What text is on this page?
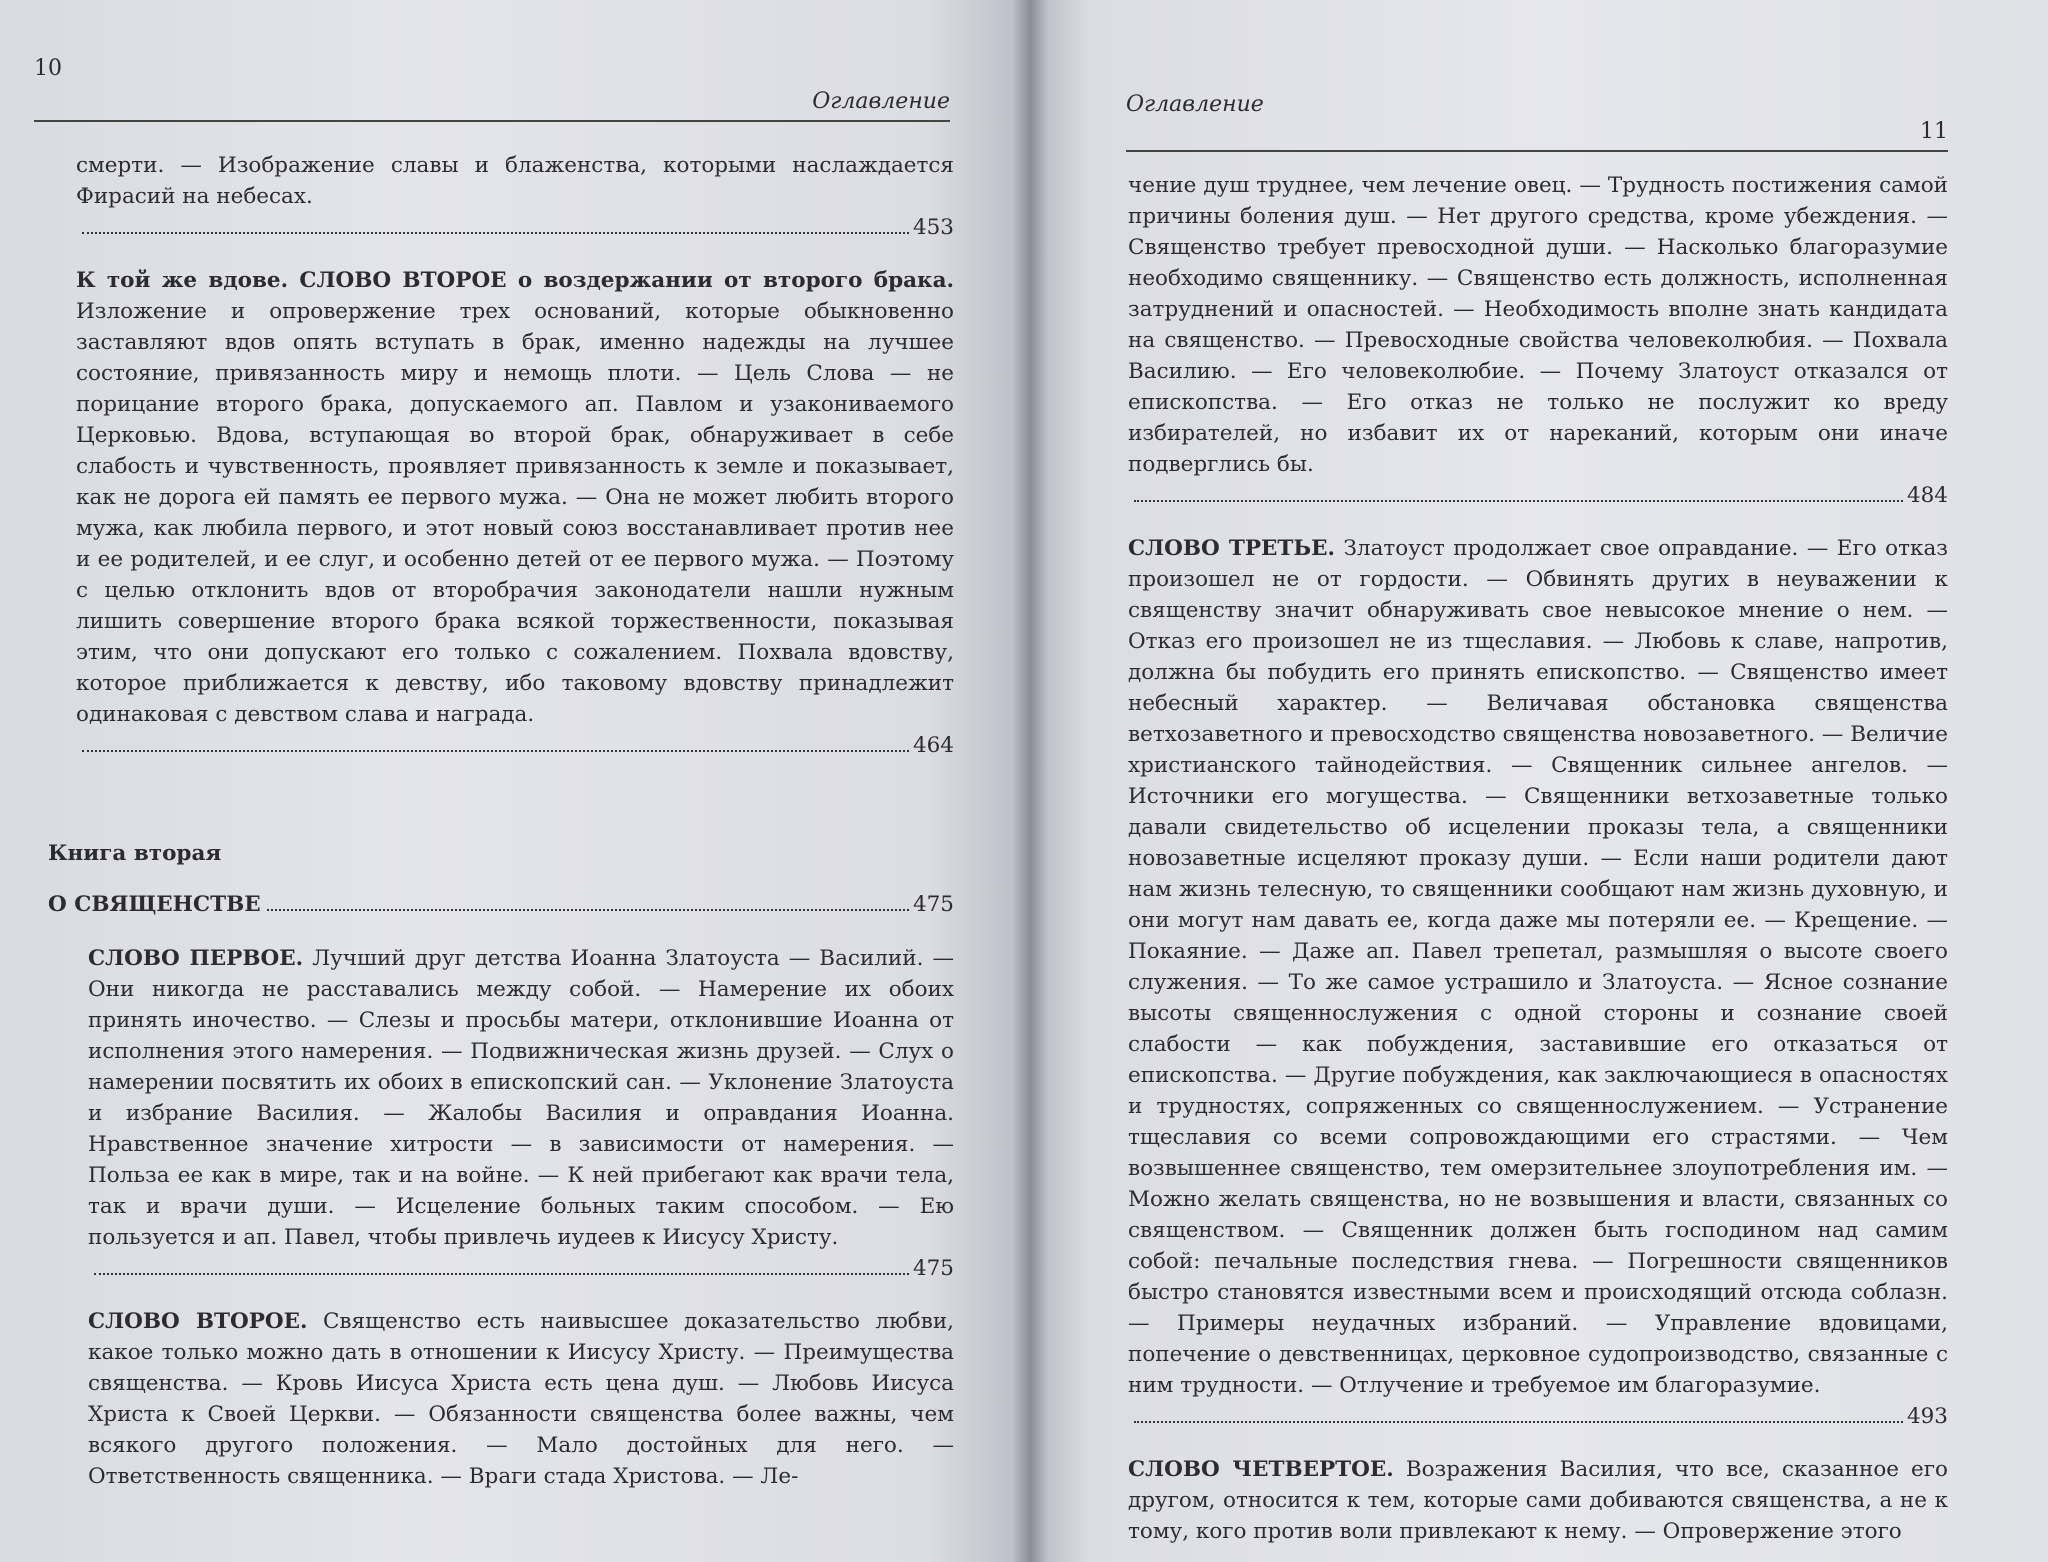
10
Оглавление

смерти. — Изображение славы и блаженства, которыми наслаждается Фирасий на небесах.

453

К той же вдове. СЛОВО ВТОРОЕ о воздержании от второго брака. Изложение и опровержение трех оснований, которые обыкновенно заставляют вдов опять вступать в брак, именно надежды на лучшее состояние, привязанность миру и немощь плоти. — Цель Слова — не порицание второго брака, допускаемого ап. Павлом и узакониваемого Церковью. Вдова, вступающая во второй брак, обнаруживает в себе слабость и чувственность, проявляет привязанность к земле и показывает, как не дорога ей память ее первого мужа. — Она не может любить второго мужа, как любила первого, и этот новый союз восстанавливает против нее и ее родителей, и ее слуг, и особенно детей от ее первого мужа. — Поэтому с целью отклонить вдов от второбрачия законодатели нашли нужным лишить совершение второго брака всякой торжественности, показывая этим, что они допускают его только с сожалением. Похвала вдовству, которое приближается к девству, ибо таковому вдовству принадлежит одинаковая с девством слава и награда.

464
Книга вторая
О СВЯЩЕНСТВЕ	475

СЛОВО ПЕРВОЕ. Лучший друг детства Иоанна Златоуста — Василий. — Они никогда не расставались между собой. — Намерение их обоих принять иночество. — Слезы и просьбы матери, отклонившие Иоанна от исполнения этого намерения. — Подвижническая жизнь друзей. — Слух о намерении посвятить их обоих в епископский сан. — Уклонение Златоуста и избрание Василия. — Жалобы Василия и оправдания Иоанна. Нравственное значение хитрости — в зависимости от намерения. — Польза ее как в мире, так и на войне. — К ней прибегают как врачи тела, так и врачи души. — Исцеление больных таким способом. — Ею пользуется и ап. Павел, чтобы привлечь иудеев к Иисусу Христу.

475

СЛОВО ВТОРОЕ. Священство есть наивысшее доказательство любви, какое только можно дать в отношении к Иисусу Христу. — Преимущества священства. — Кровь Иисуса Христа есть цена душ. — Любовь Иисуса Христа к Своей Церкви. — Обязанности священства более важны, чем всякого другого положения. — Мало достойных для него. — Ответственность священника. — Враги стада Христова. — Ле-

Оглавление
11

чение душ труднее, чем лечение овец. — Трудность постижения самой причины боления душ. — Нет другого средства, кроме убеждения. — Священство требует превосходной души. — Насколько благоразумие необходимо священнику. — Священство есть должность, исполненная затруднений и опасностей. — Необходимость вполне знать кандидата на священство. — Превосходные свойства человеколюбия. — Похвала Василию. — Его человеколюбие. — Почему Златоуст отказался от епископства. — Его отказ не только не послужит ко вреду избирателей, но избавит их от нареканий, которым они иначе подверглись бы.

484

СЛОВО ТРЕТЬЕ. Златоуст продолжает свое оправдание. — Его отказ произошел не от гордости. — Обвинять других в неуважении к священству значит обнаруживать свое невысокое мнение о нем. — Отказ его произошел не из тщеславия. — Любовь к славе, напротив, должна бы побудить его принять епископство. — Священство имеет небесный характер. — Величавая обстановка священства ветхозаветного и превосходство священства новозаветного. — Величие христианского тайнодействия. — Священник сильнее ангелов. — Источники его могущества. — Священники ветхозаветные только давали свидетельство об исцелении проказы тела, а священники новозаветные исцеляют проказу души. — Если наши родители дают нам жизнь телесную, то священники сообщают нам жизнь духовную, и они могут нам давать ее, когда даже мы потеряли ее. — Крещение. — Покаяние. — Даже ап. Павел трепетал, размышляя о высоте своего служения. — То же самое устрашило и Златоуста. — Ясное сознание высоты священнослужения с одной стороны и сознание своей слабости — как побуждения, заставившие его отказаться от епископства. — Другие побуждения, как заключающиеся в опасностях и трудностях, сопряженных со священнослужением. — Устранение тщеславия со всеми сопровождающими его страстями. — Чем возвышеннее священство, тем омерзительнее злоупотребления им. — Можно желать священства, но не возвышения и власти, связанных со священством. — Священник должен быть господином над самим собой: печальные последствия гнева. — Погрешности священников быстро становятся известными всем и происходящий отсюда соблазн. — Примеры неудачных избраний. — Управление вдовицами, попечение о девственницах, церковное судопроизводство, связанные с ним трудности. — Отлучение и требуемое им благоразумие.

493

СЛОВО ЧЕТВЕРТОЕ. Возражения Василия, что все, сказанное его другом, относится к тем, которые сами добиваются священства, а не к тому, кого против воли привлекают к нему. — Опровержение этого
